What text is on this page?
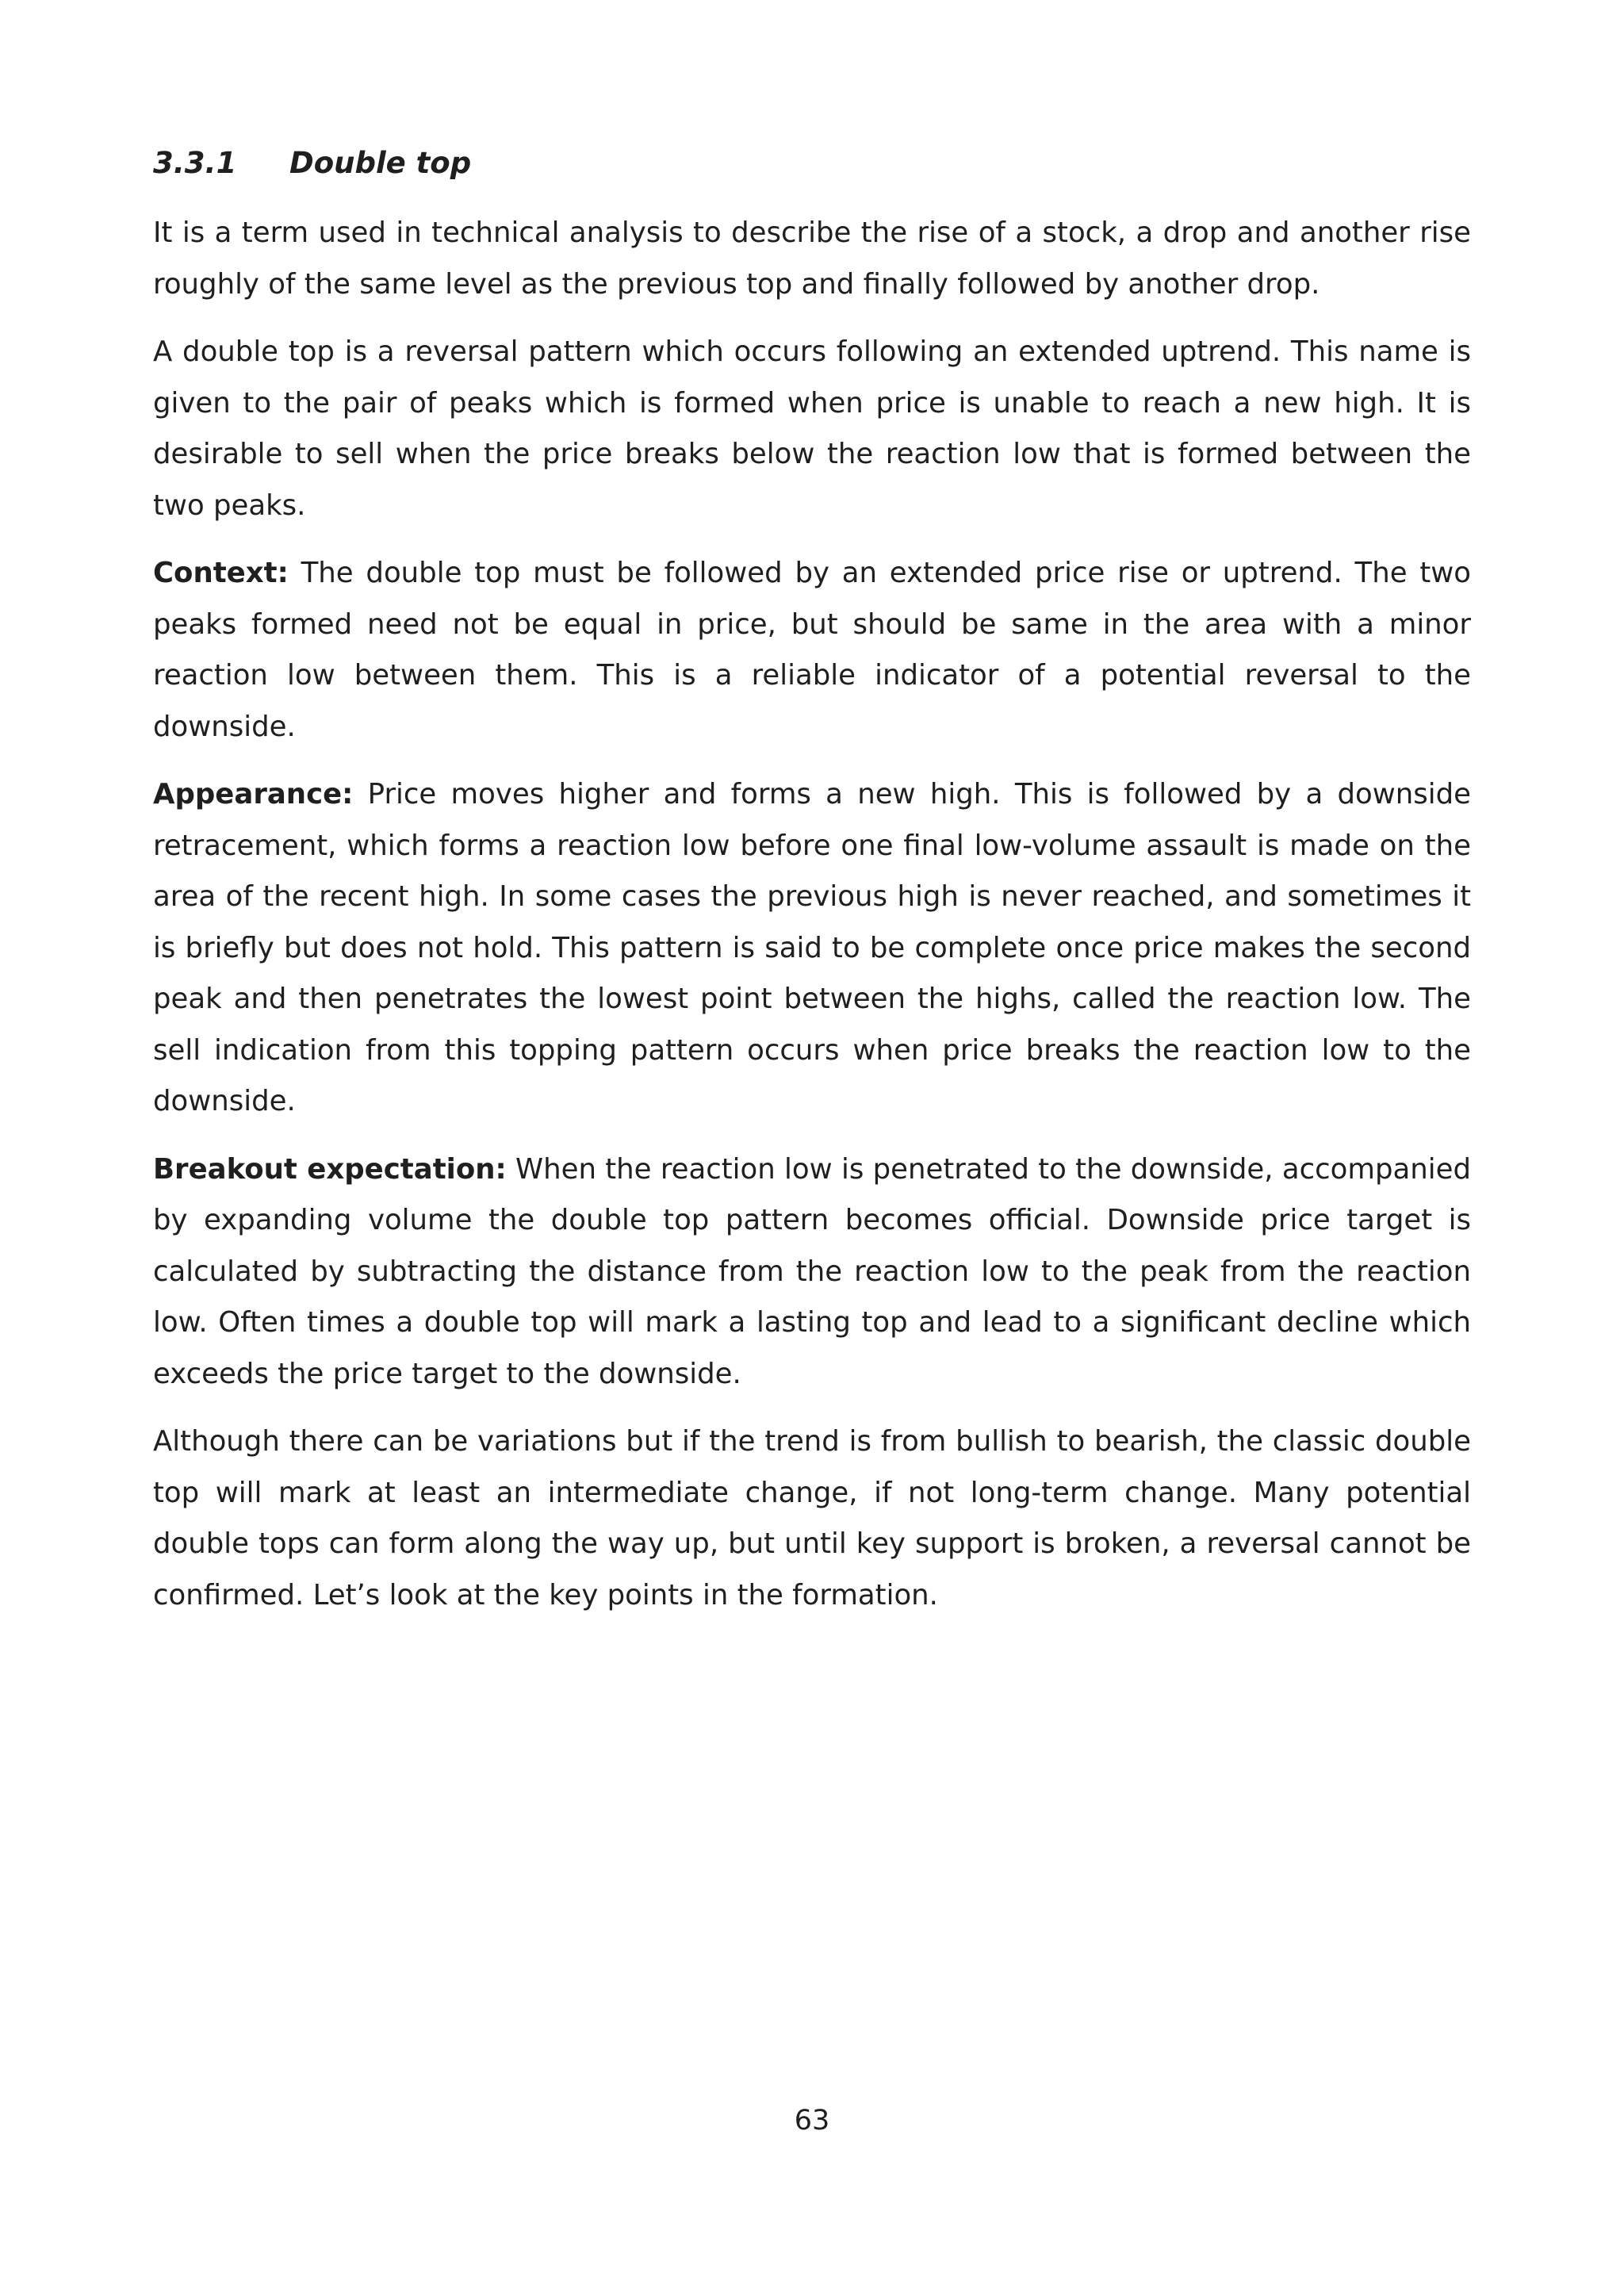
3.3.1 Double top

It is a term used in technical analysis to describe the rise of a stock, a drop and another rise roughly of the same level as the previous top and finally followed by another drop.

A double top is a reversal pattern which occurs following an extended uptrend. This name is given to the pair of peaks which is formed when price is unable to reach a new high. It is desirable to sell when the price breaks below the reaction low that is formed between the two peaks.

Context: The double top must be followed by an extended price rise or uptrend. The two peaks formed need not be equal in price, but should be same in the area with a minor reaction low between them. This is a reliable indicator of a potential reversal to the downside.

Appearance: Price moves higher and forms a new high. This is followed by a downside retracement, which forms a reaction low before one final low-volume assault is made on the area of the recent high. In some cases the previous high is never reached, and sometimes it is briefly but does not hold. This pattern is said to be complete once price makes the second peak and then penetrates the lowest point between the highs, called the reaction low. The sell indication from this topping pattern occurs when price breaks the reaction low to the downside.

Breakout expectation: When the reaction low is penetrated to the downside, accompanied by expanding volume the double top pattern becomes official. Downside price target is calculated by subtracting the distance from the reaction low to the peak from the reaction low. Often times a double top will mark a lasting top and lead to a significant decline which exceeds the price target to the downside.

Although there can be variations but if the trend is from bullish to bearish, the classic double top will mark at least an intermediate change, if not long-term change. Many potential double tops can form along the way up, but until key support is broken, a reversal cannot be confirmed. Let’s look at the key points in the formation.

63
